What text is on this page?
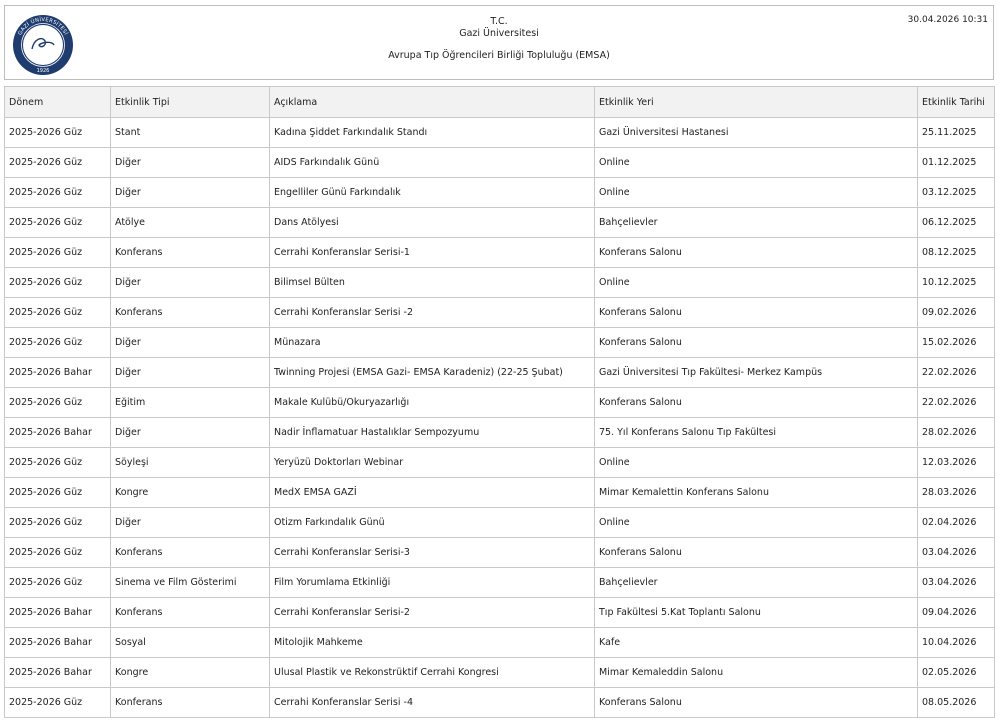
GAZİ ÜNİVERSİTESİ
1926
T.C.
Gazi Üniversitesi
Avrupa Tıp Öğrencileri Birliği Topluluğu (EMSA)
30.04.2026 10:31
Dönem	Etkinlik Tipi	Açıklama	Etkinlik Yeri	Etkinlik Tarihi
2025-2026 Güz	Stant	Kadına Şiddet Farkındalık Standı	Gazi Üniversitesi Hastanesi	25.11.2025
2025-2026 Güz	Diğer	AIDS Farkındalık Günü	Online	01.12.2025
2025-2026 Güz	Diğer	Engelliler Günü Farkındalık	Online	03.12.2025
2025-2026 Güz	Atölye	Dans Atölyesi	Bahçelievler	06.12.2025
2025-2026 Güz	Konferans	Cerrahi Konferanslar Serisi-1	Konferans Salonu	08.12.2025
2025-2026 Güz	Diğer	Bilimsel Bülten	Online	10.12.2025
2025-2026 Güz	Konferans	Cerrahi Konferanslar Serisi -2	Konferans Salonu	09.02.2026
2025-2026 Güz	Diğer	Münazara	Konferans Salonu	15.02.2026
2025-2026 Bahar	Diğer	Twinning Projesi (EMSA Gazi- EMSA Karadeniz) (22-25 Şubat)	Gazi Üniversitesi Tıp Fakültesi- Merkez Kampüs	22.02.2026
2025-2026 Güz	Eğitim	Makale Kulübü/Okuryazarlığı	Konferans Salonu	22.02.2026
2025-2026 Bahar	Diğer	Nadir İnflamatuar Hastalıklar Sempozyumu	75. Yıl Konferans Salonu Tıp Fakültesi	28.02.2026
2025-2026 Güz	Söyleşi	Yeryüzü Doktorları Webinar	Online	12.03.2026
2025-2026 Güz	Kongre	MedX EMSA GAZİ	Mimar Kemalettin Konferans Salonu	28.03.2026
2025-2026 Güz	Diğer	Otizm Farkındalık Günü	Online	02.04.2026
2025-2026 Güz	Konferans	Cerrahi Konferanslar Serisi-3	Konferans Salonu	03.04.2026
2025-2026 Güz	Sinema ve Film Gösterimi	Film Yorumlama Etkinliği	Bahçelievler	03.04.2026
2025-2026 Bahar	Konferans	Cerrahi Konferanslar Serisi-2	Tıp Fakültesi 5.Kat Toplantı Salonu	09.04.2026
2025-2026 Bahar	Sosyal	Mitolojik Mahkeme	Kafe	10.04.2026
2025-2026 Bahar	Kongre	Ulusal Plastik ve Rekonstrüktif Cerrahi Kongresi	Mimar Kemaleddin Salonu	02.05.2026
2025-2026 Güz	Konferans	Cerrahi Konferanslar Serisi -4	Konferans Salonu	08.05.2026
